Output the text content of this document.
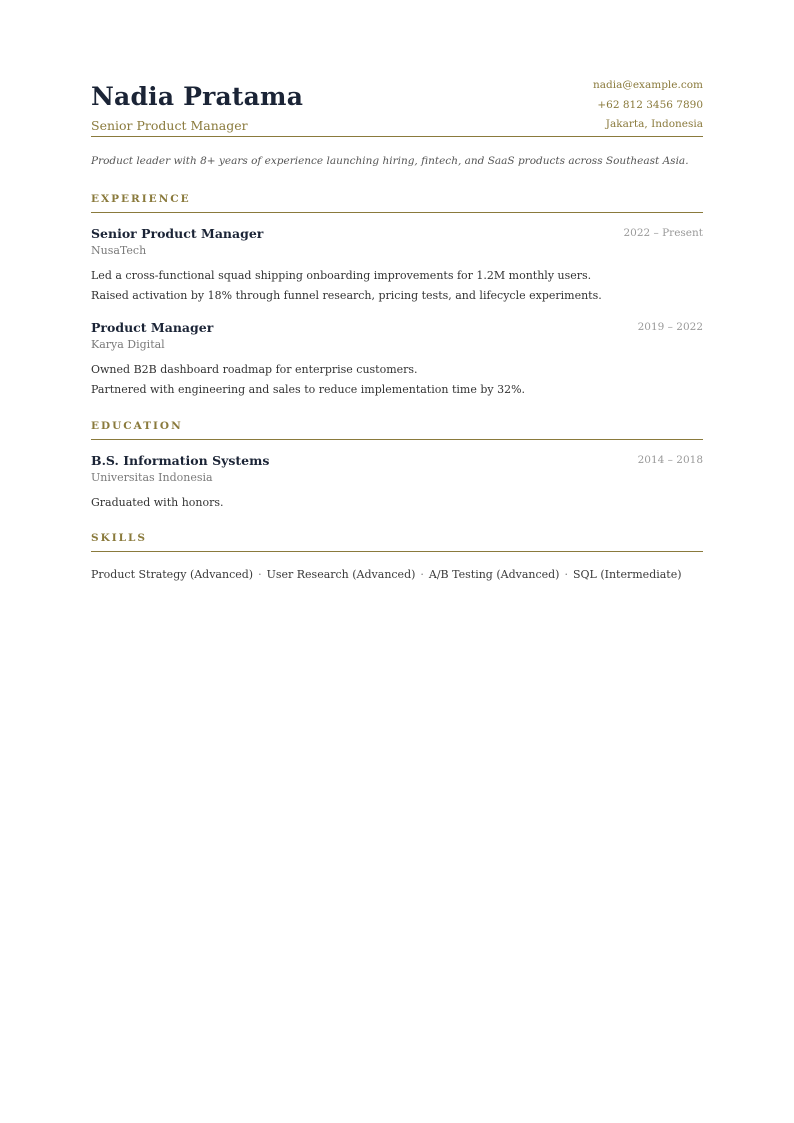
Nadia Pratama
Senior Product Manager
nadia@example.com
+62 812 3456 7890
Jakarta, Indonesia
Product leader with 8+ years of experience launching hiring, fintech, and SaaS products across Southeast Asia.
EXPERIENCE
Senior Product Manager	2022 – Present
NusaTech
Led a cross-functional squad shipping onboarding improvements for 1.2M monthly users.
Raised activation by 18% through funnel research, pricing tests, and lifecycle experiments.
Product Manager	2019 – 2022
Karya Digital
Owned B2B dashboard roadmap for enterprise customers.
Partnered with engineering and sales to reduce implementation time by 32%.
EDUCATION
B.S. Information Systems	2014 – 2018
Universitas Indonesia
Graduated with honors.
SKILLS
Product Strategy (Advanced) · User Research (Advanced) · A/B Testing (Advanced) · SQL (Intermediate)
